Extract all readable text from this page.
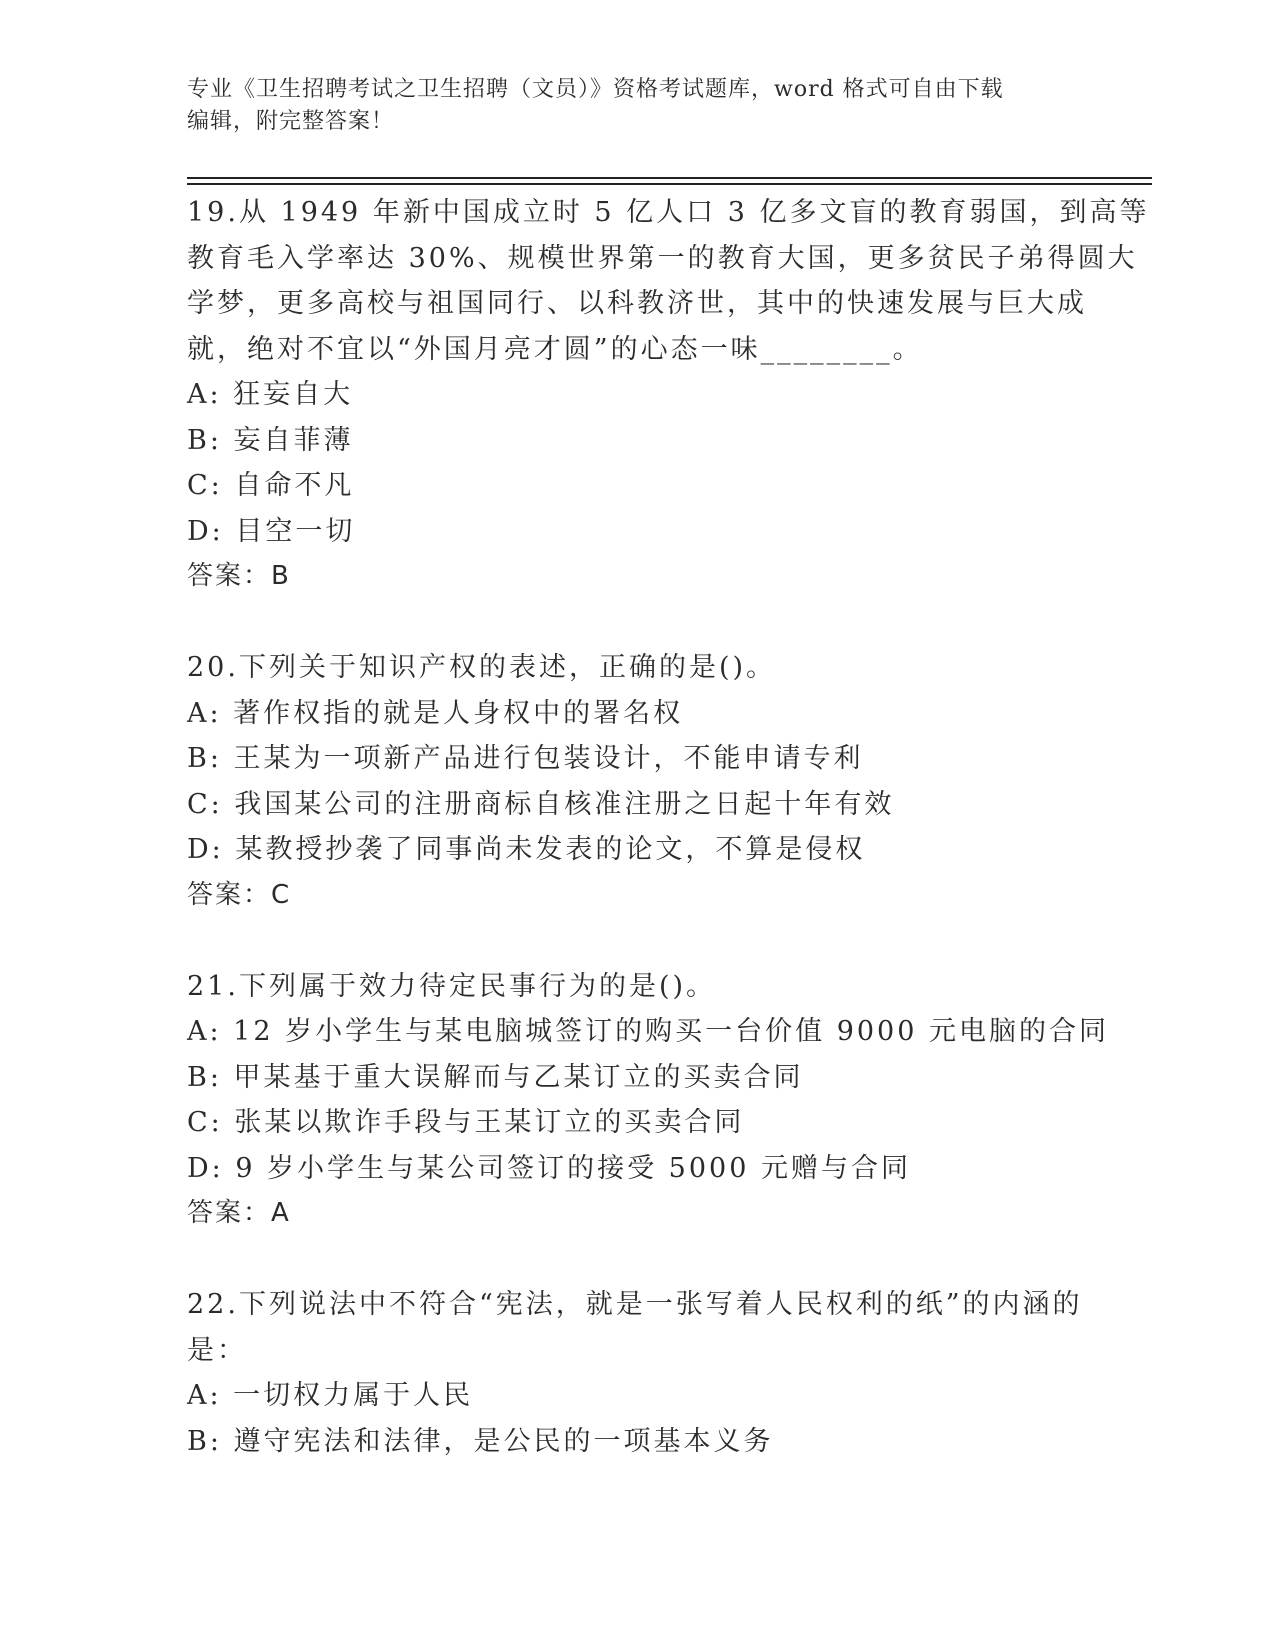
专业《卫生招聘考试之卫生招聘（文员）》资格考试题库，word 格式可自由下载
编辑，附完整答案！
19.从 1949 年新中国成立时 5 亿人口 3 亿多文盲的教育弱国，到高等
教育毛入学率达 30%、规模世界第一的教育大国，更多贫民子弟得圆大
学梦，更多高校与祖国同行、以科教济世，其中的快速发展与巨大成
就，绝对不宜以“外国月亮才圆”的心态一味________。
A: 狂妄自大
B: 妄自菲薄
C: 自命不凡
D: 目空一切
答案：B
20.下列关于知识产权的表述，正确的是()。
A: 著作权指的就是人身权中的署名权
B: 王某为一项新产品进行包装设计，不能申请专利
C: 我国某公司的注册商标自核准注册之日起十年有效
D: 某教授抄袭了同事尚未发表的论文，不算是侵权
答案：C
21.下列属于效力待定民事行为的是()。
A: 12 岁小学生与某电脑城签订的购买一台价值 9000 元电脑的合同
B: 甲某基于重大误解而与乙某订立的买卖合同
C: 张某以欺诈手段与王某订立的买卖合同
D: 9 岁小学生与某公司签订的接受 5000 元赠与合同
答案：A
22.下列说法中不符合“宪法，就是一张写着人民权利的纸”的内涵的
是：
A: 一切权力属于人民
B: 遵守宪法和法律，是公民的一项基本义务
